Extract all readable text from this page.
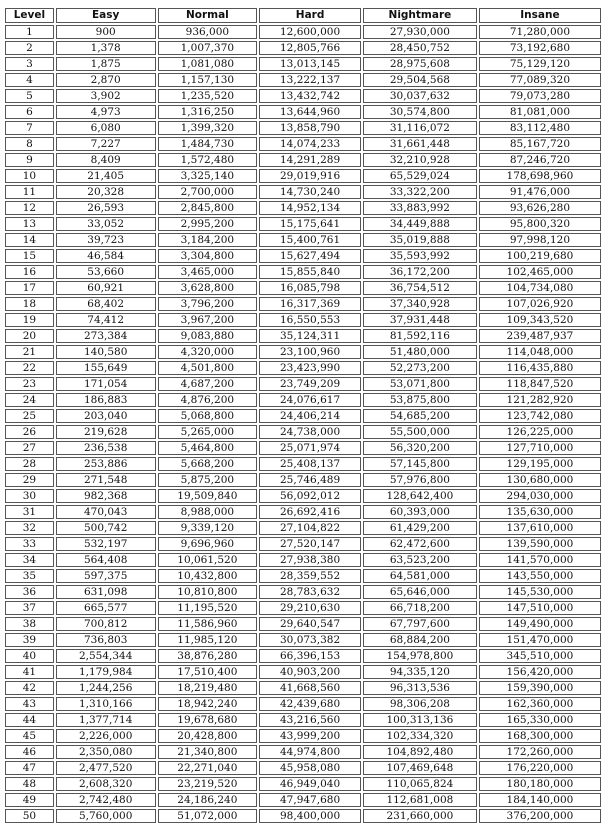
Level	Easy	Normal	Hard	Nightmare	Insane
1	900	936,000	12,600,000	27,930,000	71,280,000
2	1,378	1,007,370	12,805,766	28,450,752	73,192,680
3	1,875	1,081,080	13,013,145	28,975,608	75,129,120
4	2,870	1,157,130	13,222,137	29,504,568	77,089,320
5	3,902	1,235,520	13,432,742	30,037,632	79,073,280
6	4,973	1,316,250	13,644,960	30,574,800	81,081,000
7	6,080	1,399,320	13,858,790	31,116,072	83,112,480
8	7,227	1,484,730	14,074,233	31,661,448	85,167,720
9	8,409	1,572,480	14,291,289	32,210,928	87,246,720
10	21,405	3,325,140	29,019,916	65,529,024	178,698,960
11	20,328	2,700,000	14,730,240	33,322,200	91,476,000
12	26,593	2,845,800	14,952,134	33,883,992	93,626,280
13	33,052	2,995,200	15,175,641	34,449,888	95,800,320
14	39,723	3,184,200	15,400,761	35,019,888	97,998,120
15	46,584	3,304,800	15,627,494	35,593,992	100,219,680
16	53,660	3,465,000	15,855,840	36,172,200	102,465,000
17	60,921	3,628,800	16,085,798	36,754,512	104,734,080
18	68,402	3,796,200	16,317,369	37,340,928	107,026,920
19	74,412	3,967,200	16,550,553	37,931,448	109,343,520
20	273,384	9,083,880	35,124,311	81,592,116	239,487,937
21	140,580	4,320,000	23,100,960	51,480,000	114,048,000
22	155,649	4,501,800	23,423,990	52,273,200	116,435,880
23	171,054	4,687,200	23,749,209	53,071,800	118,847,520
24	186,883	4,876,200	24,076,617	53,875,800	121,282,920
25	203,040	5,068,800	24,406,214	54,685,200	123,742,080
26	219,628	5,265,000	24,738,000	55,500,000	126,225,000
27	236,538	5,464,800	25,071,974	56,320,200	127,710,000
28	253,886	5,668,200	25,408,137	57,145,800	129,195,000
29	271,548	5,875,200	25,746,489	57,976,800	130,680,000
30	982,368	19,509,840	56,092,012	128,642,400	294,030,000
31	470,043	8,988,000	26,692,416	60,393,000	135,630,000
32	500,742	9,339,120	27,104,822	61,429,200	137,610,000
33	532,197	9,696,960	27,520,147	62,472,600	139,590,000
34	564,408	10,061,520	27,938,380	63,523,200	141,570,000
35	597,375	10,432,800	28,359,552	64,581,000	143,550,000
36	631,098	10,810,800	28,783,632	65,646,000	145,530,000
37	665,577	11,195,520	29,210,630	66,718,200	147,510,000
38	700,812	11,586,960	29,640,547	67,797,600	149,490,000
39	736,803	11,985,120	30,073,382	68,884,200	151,470,000
40	2,554,344	38,876,280	66,396,153	154,978,800	345,510,000
41	1,179,984	17,510,400	40,903,200	94,335,120	156,420,000
42	1,244,256	18,219,480	41,668,560	96,313,536	159,390,000
43	1,310,166	18,942,240	42,439,680	98,306,208	162,360,000
44	1,377,714	19,678,680	43,216,560	100,313,136	165,330,000
45	2,226,000	20,428,800	43,999,200	102,334,320	168,300,000
46	2,350,080	21,340,800	44,974,800	104,892,480	172,260,000
47	2,477,520	22,271,040	45,958,080	107,469,648	176,220,000
48	2,608,320	23,219,520	46,949,040	110,065,824	180,180,000
49	2,742,480	24,186,240	47,947,680	112,681,008	184,140,000
50	5,760,000	51,072,000	98,400,000	231,660,000	376,200,000
